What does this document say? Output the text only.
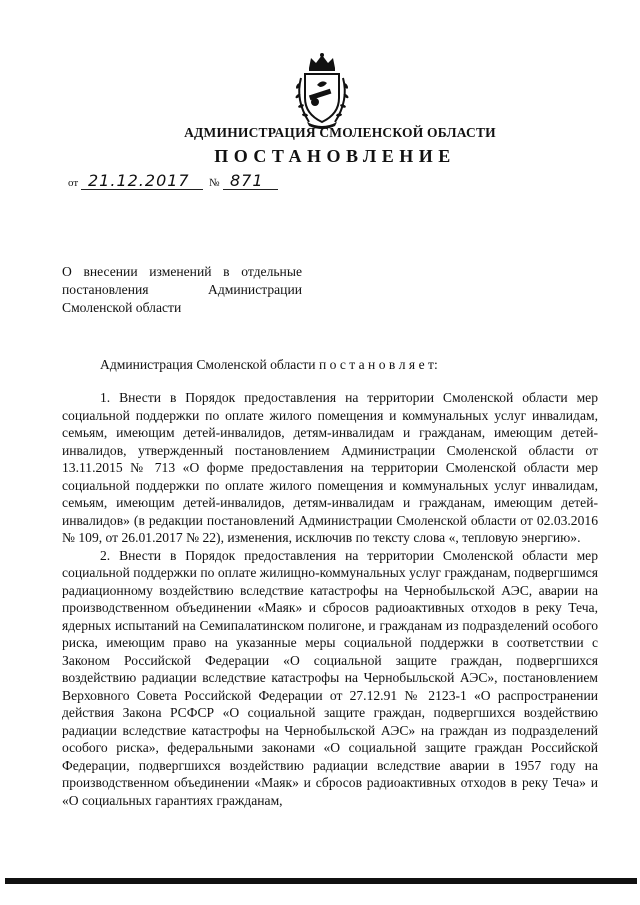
АДМИНИСТРАЦИЯ СМОЛЕНСКОЙ ОБЛАСТИ
ПОСТАНОВЛЕНИЕ
от 21.12.2017 № 871
О внесении изменений в отдельные
постановления Администрации
Смоленской области
Администрация Смоленской области п о с т а н о в л я е т:

1. Внести в Порядок предоставления на территории Смоленской области мер социальной поддержки по оплате жилого помещения и коммунальных услуг инвалидам, семьям, имеющим детей-инвалидов, детям-инвалидам и гражданам, имеющим детей-инвалидов, утвержденный постановлением Администрации Смоленской области от 13.11.2015 № 713 «О форме предоставления на территории Смоленской области мер социальной поддержки по оплате жилого помещения и коммунальных услуг инвалидам, семьям, имеющим детей-инвалидов, детям-инвалидам и гражданам, имеющим детей-инвалидов» (в редакции постановлений Администрации Смоленской области от 02.03.2016 № 109, от 26.01.2017 № 22), изменения, исключив по тексту слова «, тепловую энергию».

2. Внести в Порядок предоставления на территории Смоленской области мер социальной поддержки по оплате жилищно-коммунальных услуг гражданам, подвергшимся радиационному воздействию вследствие катастрофы на Чернобыльской АЭС, аварии на производственном объединении «Маяк» и сбросов радиоактивных отходов в реку Теча, ядерных испытаний на Семипалатинском полигоне, и гражданам из подразделений особого риска, имеющим право на указанные меры социальной поддержки в соответствии с Законом Российской Федерации «О социальной защите граждан, подвергшихся воздействию радиации вследствие катастрофы на Чернобыльской АЭС», постановлением Верховного Совета Российской Федерации от 27.12.91 № 2123-1 «О распространении действия Закона РСФСР «О социальной защите граждан, подвергшихся воздействию радиации вследствие катастрофы на Чернобыльской АЭС» на граждан из подразделений особого риска», федеральными законами «О социальной защите граждан Российской Федерации, подвергшихся воздействию радиации вследствие аварии в 1957 году на производственном объединении «Маяк» и сбросов радиоактивных отходов в реку Теча» и «О социальных гарантиях гражданам,
